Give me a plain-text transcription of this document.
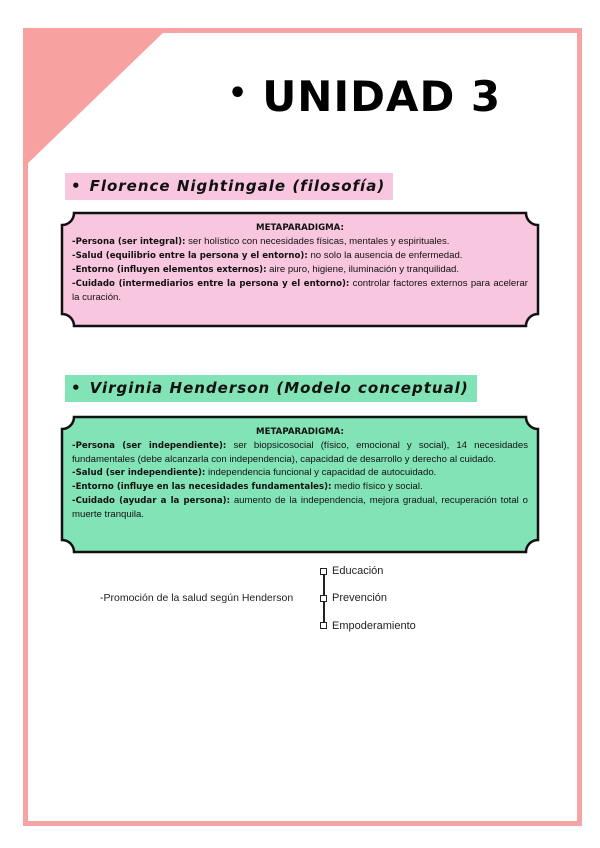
• UNIDAD 3
• Florence Nightingale (filosofía)
METAPARADIGMA:

-Persona (ser integral): ser holístico con necesidades físicas, mentales y espirituales.

-Salud (equilibrio entre la persona y el entorno): no solo la ausencia de enfermedad.

-Entorno (influyen elementos externos): aire puro, higiene, iluminación y tranquilidad.

-Cuidado (intermediarios entre la persona y el entorno): controlar factores externos para acelerar la curación.

• Virginia Henderson (Modelo conceptual)
METAPARADIGMA:

-Persona (ser independiente): ser biopsicosocial (físico, emocional y social), 14 necesidades fundamentales (debe alcanzarla con independencia), capacidad de desarrollo y derecho al cuidado.

-Salud (ser independiente): independencia funcional y capacidad de autocuidado.

-Entorno (influye en las necesidades fundamentales): medio físico y social.

-Cuidado (ayudar a la persona): aumento de la independencia, mejora gradual, recuperación total o muerte tranquila.

-Promoción de la salud según Henderson
Educación
Prevención
Empoderamiento
